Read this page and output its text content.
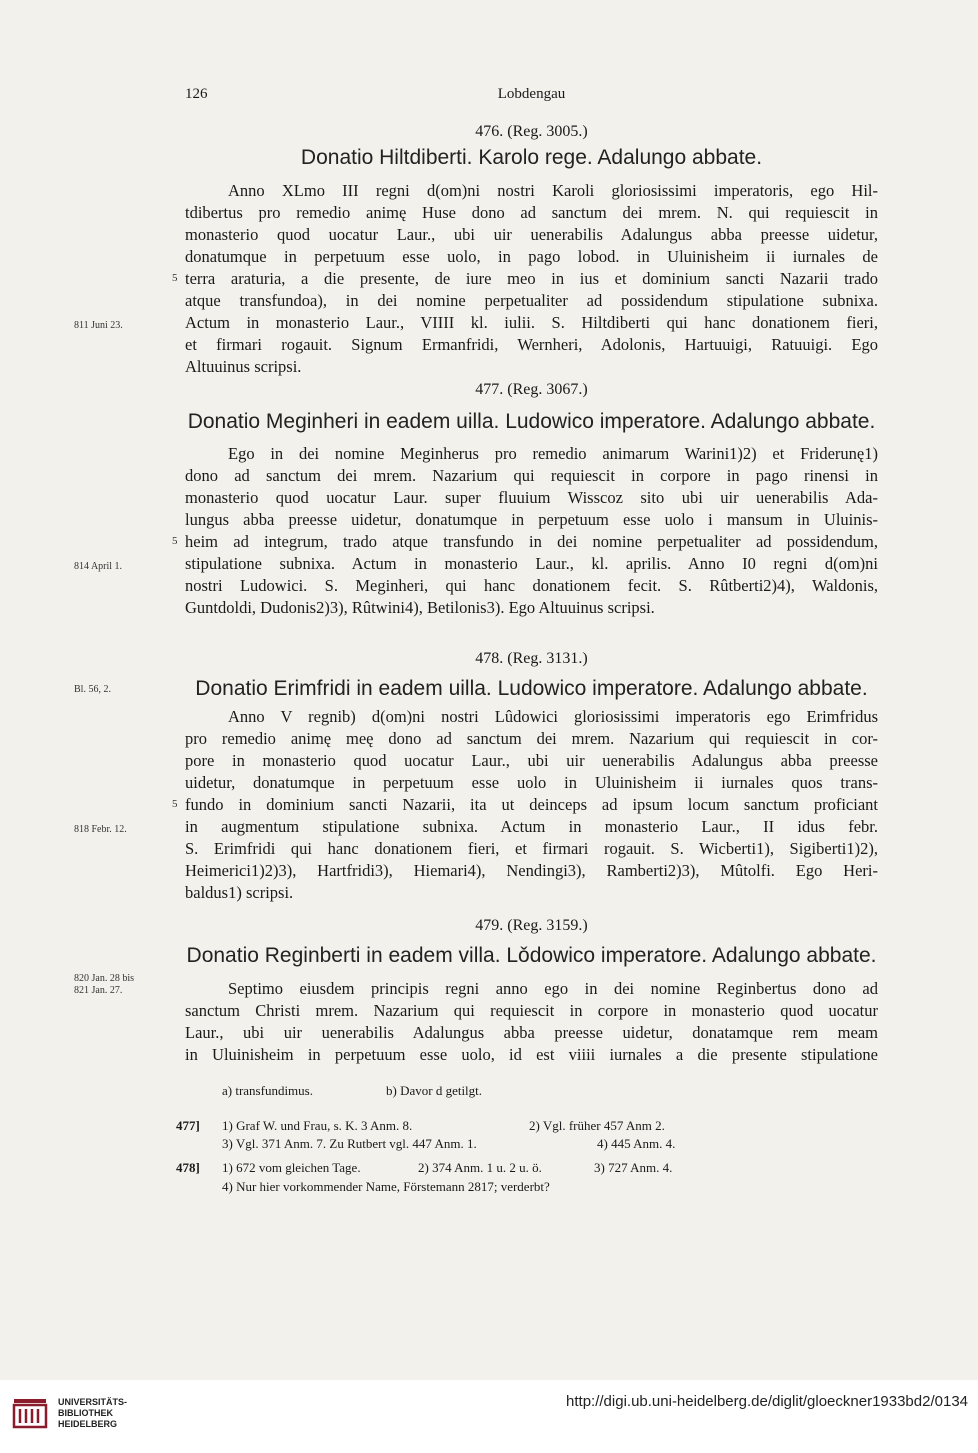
126	Lobdengau
476. (Reg. 3005.)
Donatio Hiltdiberti. Karolo rege. Adalungo abbate.
Anno XLmo III regni d(om)ni nostri Karoli gloriosissimi imperatoris, ego Hil-
tdibertus pro remedio animę Huse dono ad sanctum dei mrem. N. qui requiescit in
monasterio quod uocatur Laur., ubi uir uenerabilis Adalungus abba preesse uidetur,
donatumque in perpetuum esse uolo, in pago lobod. in Uluinisheim ii iurnales de
5 terra araturia, a die presente, de iure meo in ius et dominium sancti Nazarii trado
atque transfundoa), in dei nomine perpetualiter ad possidendum stipulatione subnixa.
811 Juni 23.	Actum in monasterio Laur., VIIII kl. iulii. S. Hiltdiberti qui hanc donationem fieri,
et firmari rogauit. Signum Ermanfridi, Wernheri, Adolonis, Hartuuigi, Ratuuigi. Ego
Altuuinus scripsi.
477. (Reg. 3067.)
Donatio Meginheri in eadem uilla. Ludowico imperatore. Adalungo abbate.
Ego in dei nomine Meginherus pro remedio animarum Warini1)2) et Friderunę1)
dono ad sanctum dei mrem. Nazarium qui requiescit in corpore in pago rinensi in
monasterio quod uocatur Laur. super fluuium Wisscoz sito ubi uir uenerabilis Ada-
lungus abba preesse uidetur, donatumque in perpetuum esse uolo i mansum in Uluinis-
5 heim ad integrum, trado atque transfundo in dei nomine perpetualiter ad possidendum,
814 April 1.	stipulatione subnixa. Actum in monasterio Laur., kl. aprilis. Anno I0 regni d(om)ni
nostri Ludowici. S. Meginheri, qui hanc donationem fecit. S. Rûtberti2)4), Waldonis,
Guntdoldi, Dudonis2)3), Rûtwini4), Betilonis3). Ego Altuuinus scripsi.
478. (Reg. 3131.)
Bl. 56, 2.	Donatio Erimfridi in eadem uilla. Ludowico imperatore. Adalungo abbate.
Anno V regnib) d(om)ni nostri Lûdowici gloriosissimi imperatoris ego Erimfridus
pro remedio animę meę dono ad sanctum dei mrem. Nazarium qui requiescit in cor-
pore in monasterio quod uocatur Laur., ubi uir uenerabilis Adalungus abba preesse
uidetur, donatumque in perpetuum esse uolo in Uluinisheim ii iurnales quos trans-
5 fundo in dominium sancti Nazarii, ita ut deinceps ad ipsum locum sanctum proficiant
818 Febr. 12.	in augmentum stipulatione subnixa. Actum in monasterio Laur., II idus febr.
S. Erimfridi qui hanc donationem fieri, et firmari rogauit. S. Wicberti1), Sigiberti1)2),
Heimerici1)2)3), Hartfridi3), Hiemari4), Nendingi3), Ramberti2)3), Mûtolfi. Ego Heri-
baldus1) scripsi.
479. (Reg. 3159.)
Donatio Reginberti in eadem villa. Lǒdowico imperatore. Adalungo abbate.
820 Jan. 28 bis
821 Jan. 27.	Septimo eiusdem principis regni anno ego in dei nomine Reginbertus dono ad
sanctum Christi mrem. Nazarium qui requiescit in corpore in monasterio quod uocatur
Laur., ubi uir uenerabilis Adalungus abba preesse uidetur, donatamque rem meam
in Uluinisheim in perpetuum esse uolo, id est viiii iurnales a die presente stipulatione
a) transfundimus.	b) Davor d getilgt.
477] 1) Graf W. und Frau, s. K. 3 Anm. 8.	2) Vgl. früher 457 Anm 2.
3) Vgl. 371 Anm. 7. Zu Rutbert vgl. 447 Anm. 1.	4) 445 Anm. 4.
478] 1) 672 vom gleichen Tage.	2) 374 Anm. 1 u. 2 u. ö.	3) 727 Anm. 4.
4) Nur hier vorkommender Name, Förstemann 2817; verderbt?
UNIVERSITÄTS-
BIBLIOTHEK
HEIDELBERG
http://digi.ub.uni-heidelberg.de/diglit/gloeckner1933bd2/0134
